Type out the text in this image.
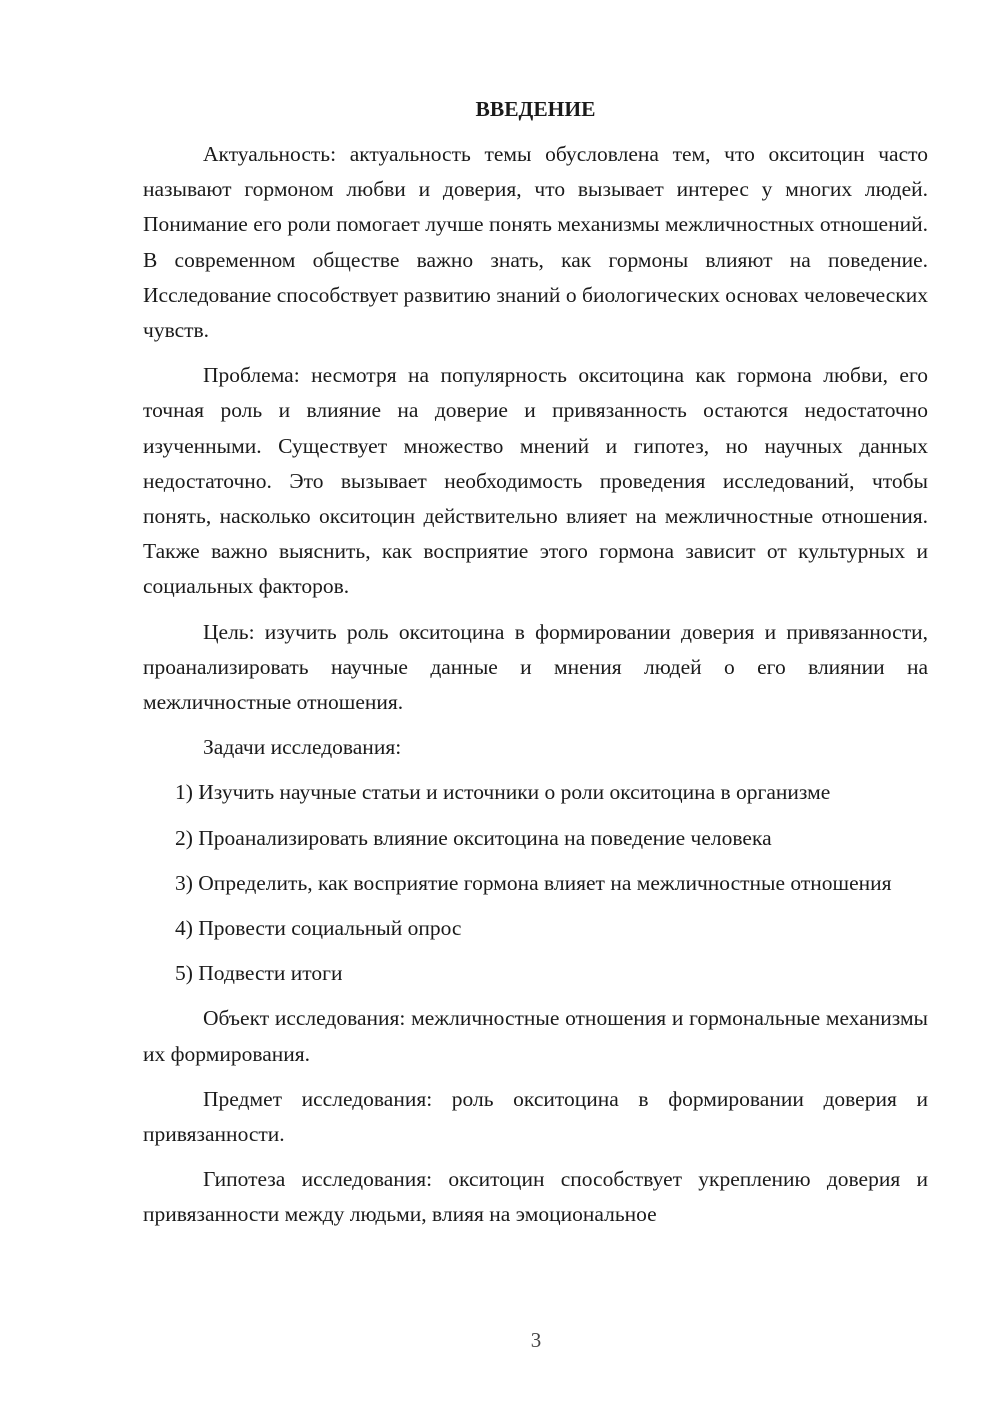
ВВЕДЕНИЕ

Актуальность: актуальность темы обусловлена тем, что окситоцин часто называют гормоном любви и доверия, что вызывает интерес у многих людей. Понимание его роли помогает лучше понять механизмы межличностных отношений. В современном обществе важно знать, как гормоны влияют на поведение. Исследование способствует развитию знаний о биологических основах человеческих чувств.

Проблема: несмотря на популярность окситоцина как гормона любви, его точная роль и влияние на доверие и привязанность остаются недостаточно изученными. Существует множество мнений и гипотез, но научных данных недостаточно. Это вызывает необходимость проведения исследований, чтобы понять, насколько окситоцин действительно влияет на межличностные отношения. Также важно выяснить, как восприятие этого гормона зависит от культурных и социальных факторов.

Цель: изучить роль окситоцина в формировании доверия и привязанности, проанализировать научные данные и мнения людей о его влиянии на межличностные отношения.

Задачи исследования:

1) Изучить научные статьи и источники о роли окситоцина в организме

2) Проанализировать влияние окситоцина на поведение человека

3) Определить, как восприятие гормона влияет на межличностные отношения

4) Провести социальный опрос

5) Подвести итоги

Объект исследования: межличностные отношения и гормональные механизмы их формирования.

Предмет исследования: роль окситоцина в формировании доверия и привязанности.

Гипотеза исследования: окситоцин способствует укреплению доверия и привязанности между людьми, влияя на эмоциональное

3
